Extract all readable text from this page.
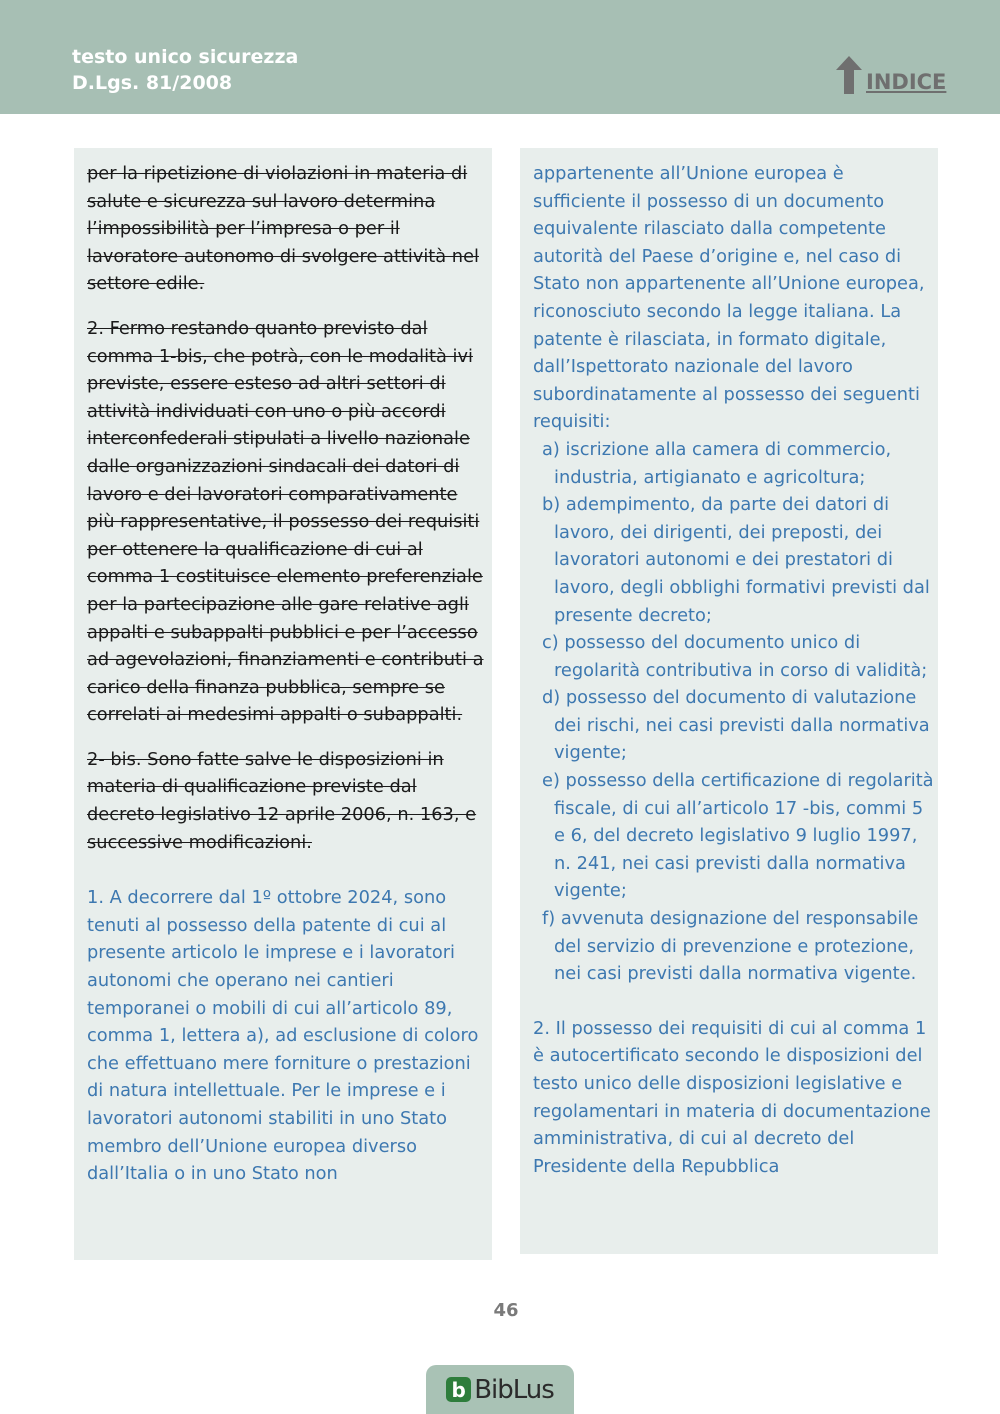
testo unico sicurezza
D.Lgs. 81/2008	INDICE

per la ripetizione di violazioni in materia di salute e sicurezza sul lavoro determina l’impossibilità per l’impresa o per il lavoratore autonomo di svolgere attività nel settore edile.

2. Fermo restando quanto previsto dal comma 1-bis, che potrà, con le modalità ivi previste, essere esteso ad altri settori di attività individuati con uno o più accordi interconfederali stipulati a livello nazionale dalle organizzazioni sindacali dei datori di lavoro e dei lavoratori comparativamente più rappresentative, il possesso dei requisiti per ottenere la qualificazione di cui al comma 1 costituisce elemento preferenziale per la partecipazione alle gare relative agli appalti e subappalti pubblici e per l’accesso ad agevolazioni, finanziamenti e contributi a carico della finanza pubblica, sempre se correlati ai medesimi appalti o subappalti.

2- bis. Sono fatte salve le disposizioni in materia di qualificazione previste dal decreto legislativo 12 aprile 2006, n. 163, e successive modificazioni.

1. A decorrere dal 1º ottobre 2024, sono tenuti al possesso della patente di cui al presente articolo le imprese e i lavoratori autonomi che operano nei cantieri temporanei o mobili di cui all’articolo 89, comma 1, lettera a), ad esclusione di coloro che effettuano mere forniture o prestazioni di natura intellettuale. Per le imprese e i lavoratori autonomi stabiliti in uno Stato membro dell’Unione europea diverso dall’Italia o in uno Stato non

appartenente all’Unione europea è sufficiente il possesso di un documento equivalente rilasciato dalla competente autorità del Paese d’origine e, nel caso di Stato non appartenente all’Unione europea, riconosciuto secondo la legge italiana. La patente è rilasciata, in formato digitale, dall’Ispettorato nazionale del lavoro subordinatamente al possesso dei seguenti requisiti:

a) iscrizione alla camera di commercio, industria, artigianato e agricoltura;
b) adempimento, da parte dei datori di lavoro, dei dirigenti, dei preposti, dei lavoratori autonomi e dei prestatori di lavoro, degli obblighi formativi previsti dal presente decreto;
c) possesso del documento unico di regolarità contributiva in corso di validità;
d) possesso del documento di valutazione dei rischi, nei casi previsti dalla normativa vigente;
e) possesso della certificazione di regolarità fiscale, di cui all’articolo 17 -bis, commi 5 e 6, del decreto legislativo 9 luglio 1997, n. 241, nei casi previsti dalla normativa vigente;
f) avvenuta designazione del responsabile del servizio di prevenzione e protezione, nei casi previsti dalla normativa vigente.

2. Il possesso dei requisiti di cui al comma 1 è autocertificato secondo le disposizioni del testo unico delle disposizioni legislative e regolamentari in materia di documentazione amministrativa, di cui al decreto del Presidente della Repubblica

46
b BibLus
